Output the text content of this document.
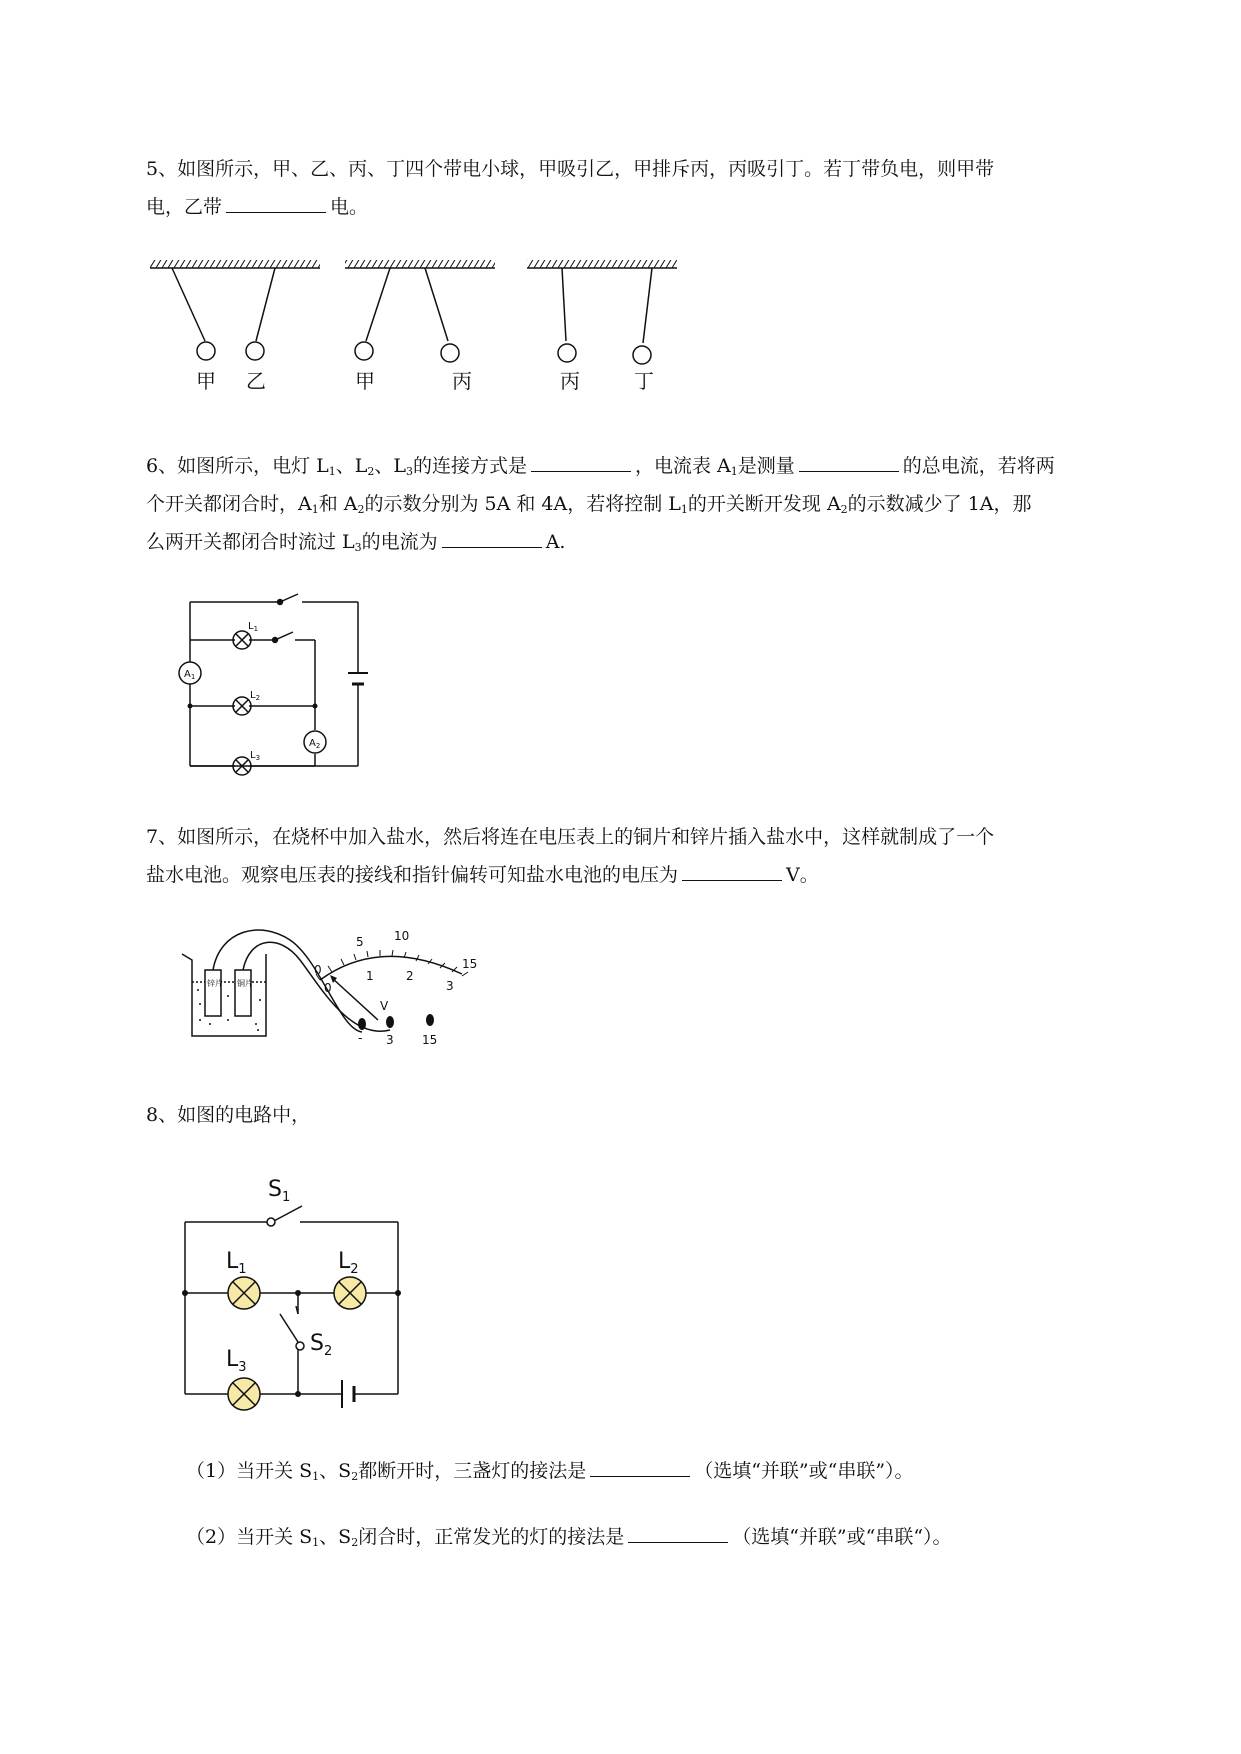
5、如图所示，甲、乙、丙、丁四个带电小球，甲吸引乙，甲排斥丙，丙吸引丁。若丁带负电，则甲带
电，乙带	电。
甲 乙	甲	丙	丙	丁
6、如图所示，电灯 $L_1$、$L_2$、$L_3$的连接方式是	，电流表 $A_1$是测量	的总电流，若将两
个开关都闭合时，$A_1$和 $A_2$的示数分别为 5A 和 4A，若将控制 $L_1$的开关断开发现 $A_2$的示数减少了 1A，那
么两开关都闭合时流过 $L_3$的电流为	A.
$L_1$
$L_2$
$L_3$
$A_1$
$A_2$
7、如图所示，在烧杯中加入盐水，然后将连在电压表上的铜片和锌片插入盐水中，这样就制成了一个
盐水电池。观察电压表的接线和指针偏转可知盐水电池的电压为	V。
0
5	10
15
0
1	2
3
V
- 3 15
锌片 铜片
8、如图的电路中，
$S_1$
$S_2$
$L_1$	$L_2$
$L_3$
（1）当开关 $S_1$、$S_2$都断开时，三盏灯的接法是	（选填“并联”或“串联”）。
（2）当开关 $S_1$、$S_2$闭合时，正常发光的灯的接法是	（选填“并联”或“串联“）。
